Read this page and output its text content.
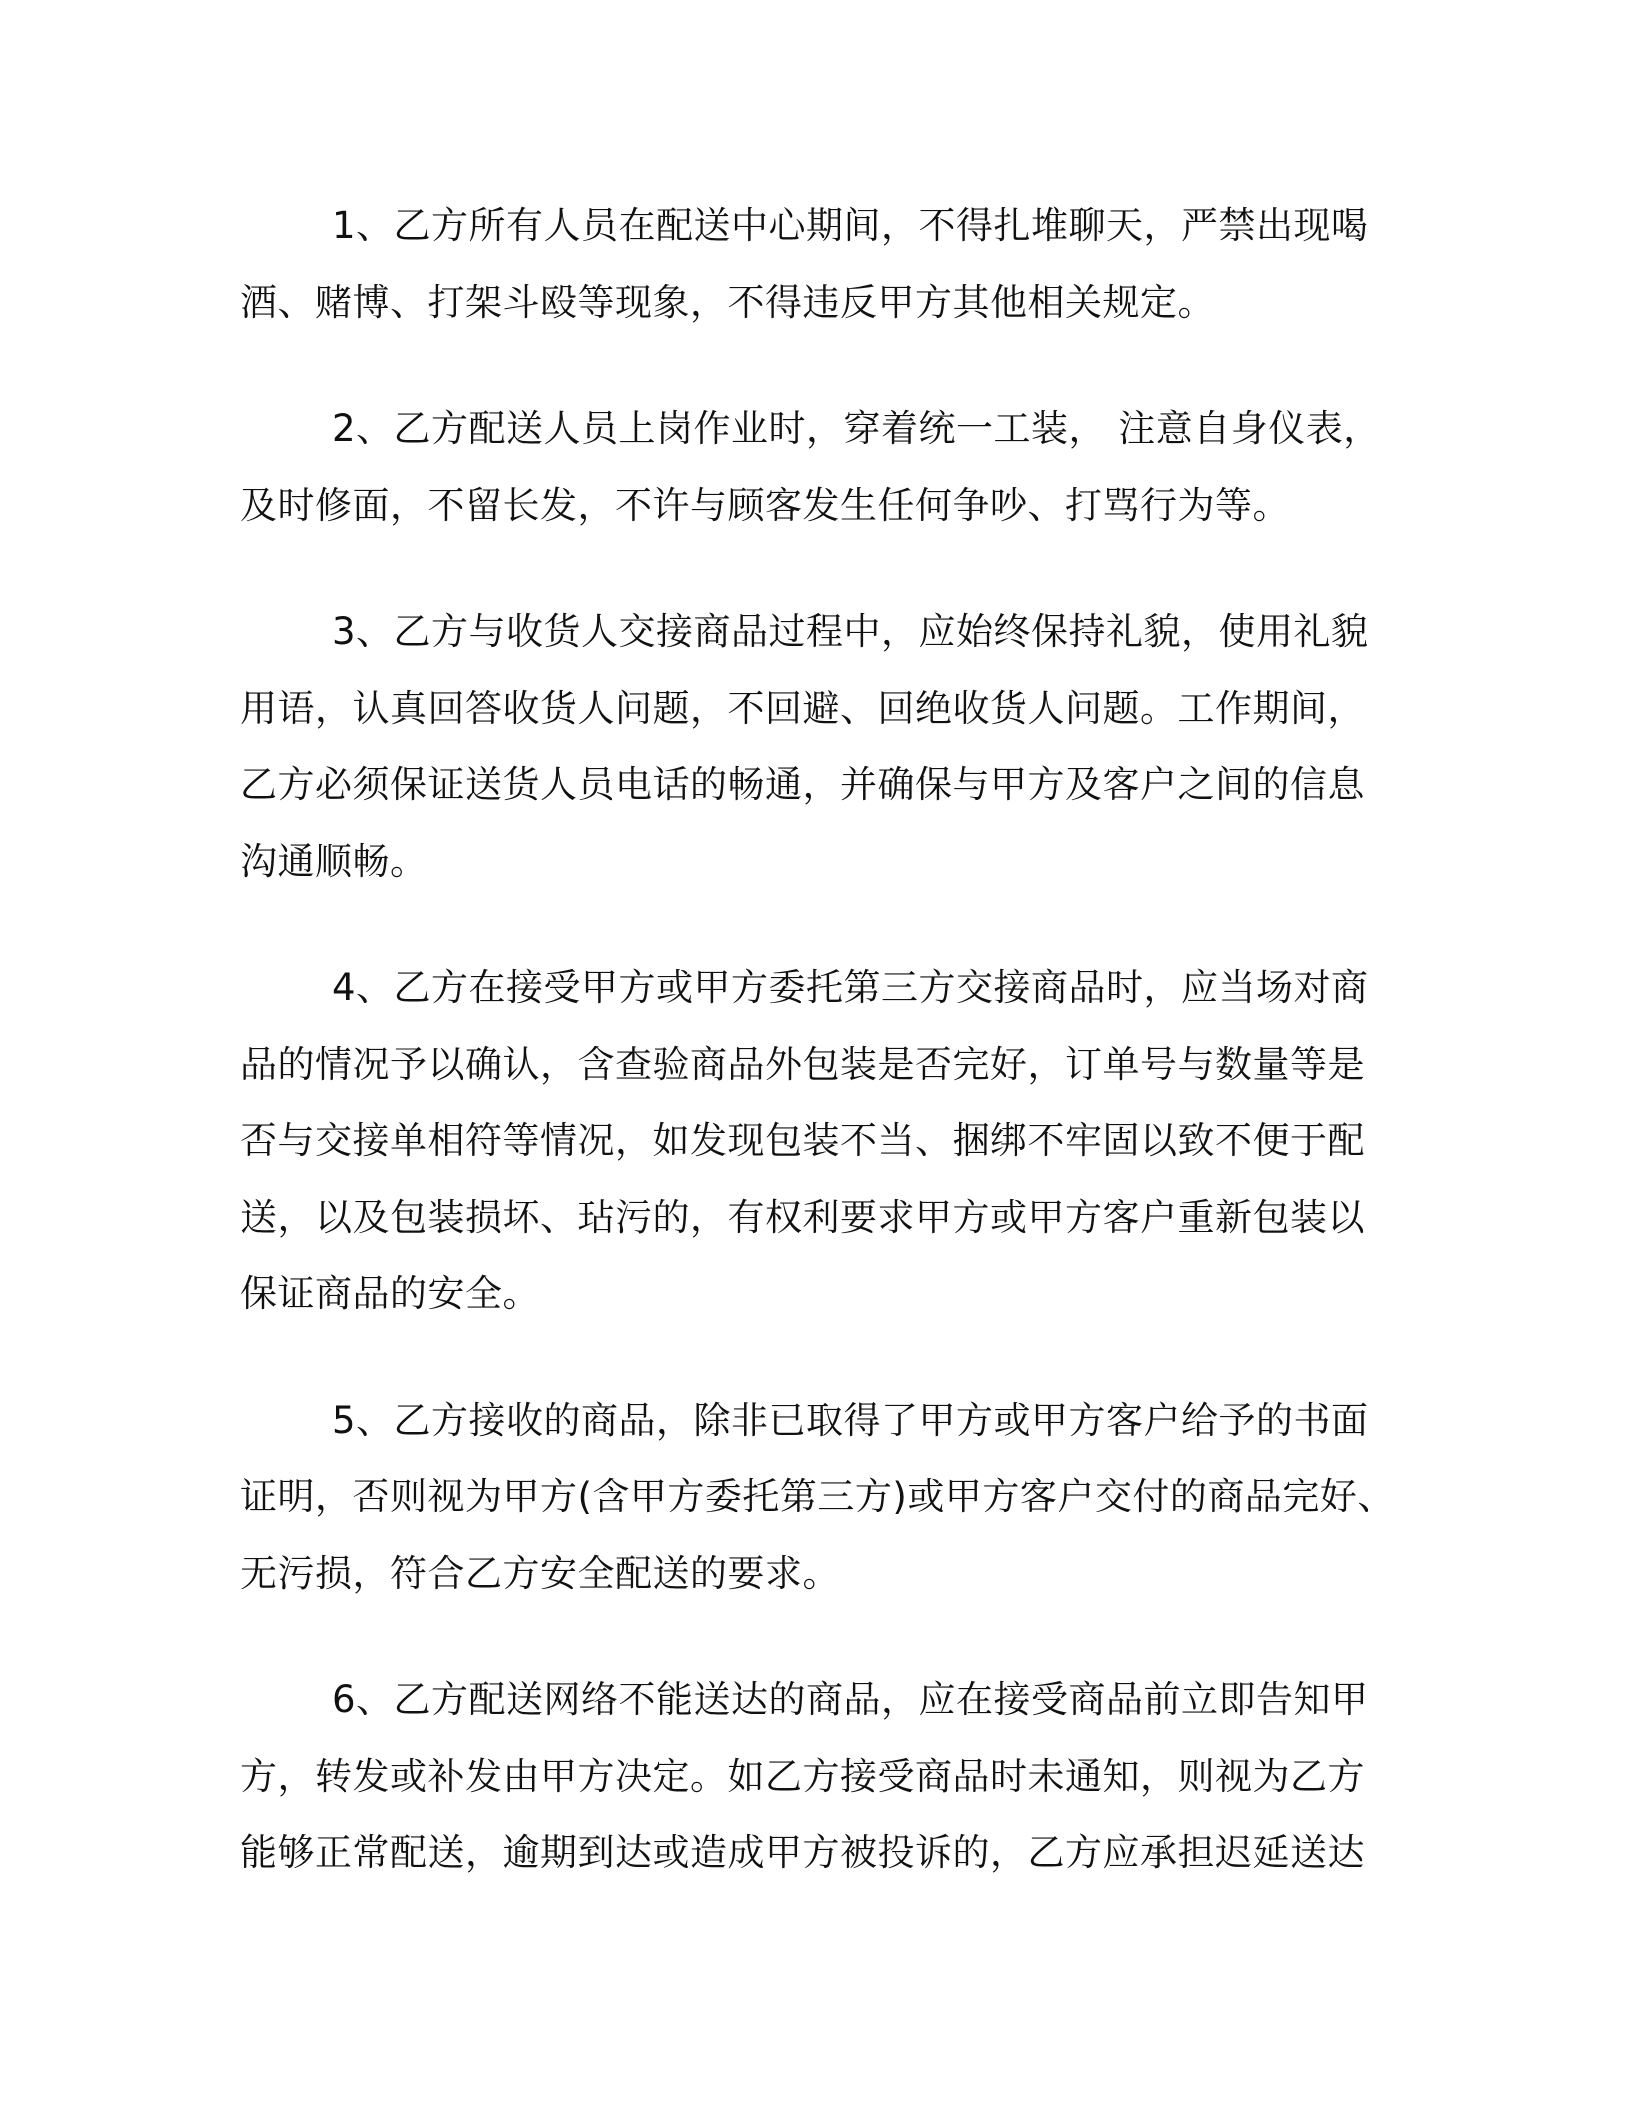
1、乙方所有人员在配送中心期间，不得扎堆聊天，严禁出现喝
酒、赌博、打架斗殴等现象，不得违反甲方其他相关规定。
2、乙方配送人员上岗作业时，穿着统一工装， 注意自身仪表，
及时修面，不留长发，不许与顾客发生任何争吵、打骂行为等。
3、乙方与收货人交接商品过程中，应始终保持礼貌，使用礼貌
用语，认真回答收货人问题，不回避、回绝收货人问题。工作期间，
乙方必须保证送货人员电话的畅通，并确保与甲方及客户之间的信息
沟通顺畅。
4、乙方在接受甲方或甲方委托第三方交接商品时，应当场对商
品的情况予以确认，含查验商品外包装是否完好，订单号与数量等是
否与交接单相符等情况，如发现包装不当、捆绑不牢固以致不便于配
送，以及包装损坏、玷污的，有权利要求甲方或甲方客户重新包装以
保证商品的安全。
5、乙方接收的商品，除非已取得了甲方或甲方客户给予的书面
证明，否则视为甲方(含甲方委托第三方)或甲方客户交付的商品完好、
无污损，符合乙方安全配送的要求。
6、乙方配送网络不能送达的商品，应在接受商品前立即告知甲
方，转发或补发由甲方决定。如乙方接受商品时未通知，则视为乙方
能够正常配送，逾期到达或造成甲方被投诉的，乙方应承担迟延送达
